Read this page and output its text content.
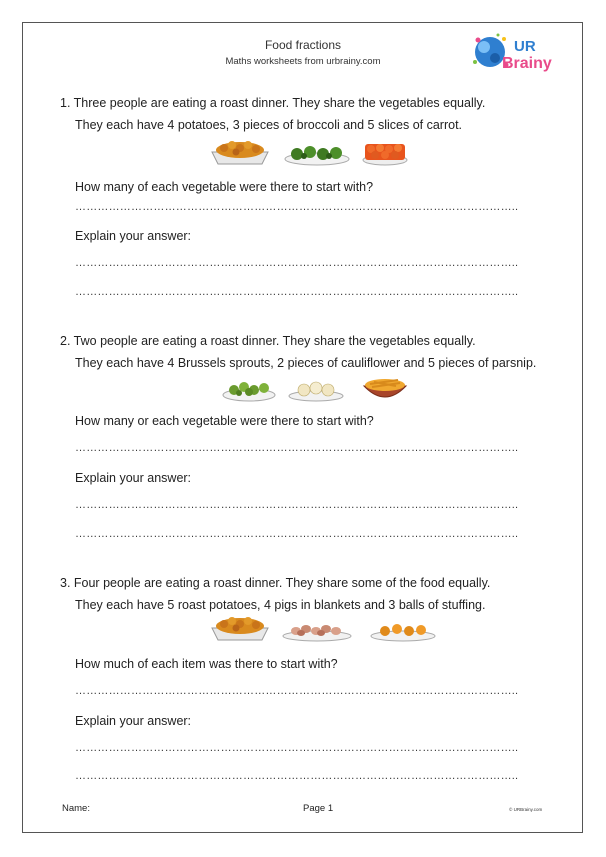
Food fractions
Maths worksheets from urbrainy.com
UR
Brainy
1. Three people are eating a roast dinner. They share the vegetables equally.
They each have 4 potatoes, 3 pieces of broccoli and 5 slices of carrot.
How many of each vegetable were there to start with?
………………………………………………………………………………………………………..
Explain your answer:
………………………………………………………………………………………………………..
………………………………………………………………………………………………………..
2. Two people are eating a roast dinner. They share the vegetables equally.
They each have 4 Brussels sprouts, 2 pieces of cauliflower and 5 pieces of parsnip.
How many or each vegetable were there to start with?
………………………………………………………………………………………………………..
Explain your answer:
………………………………………………………………………………………………………..
………………………………………………………………………………………………………..
3. Four people are eating a roast dinner. They share some of the food equally.
They each have 5 roast potatoes, 4 pigs in blankets and 3 balls of stuffing.
How much of each item was there to start with?
………………………………………………………………………………………………………..
Explain your answer:
………………………………………………………………………………………………………..
………………………………………………………………………………………………………..
Name:	Page 1	© URBrainy.com
